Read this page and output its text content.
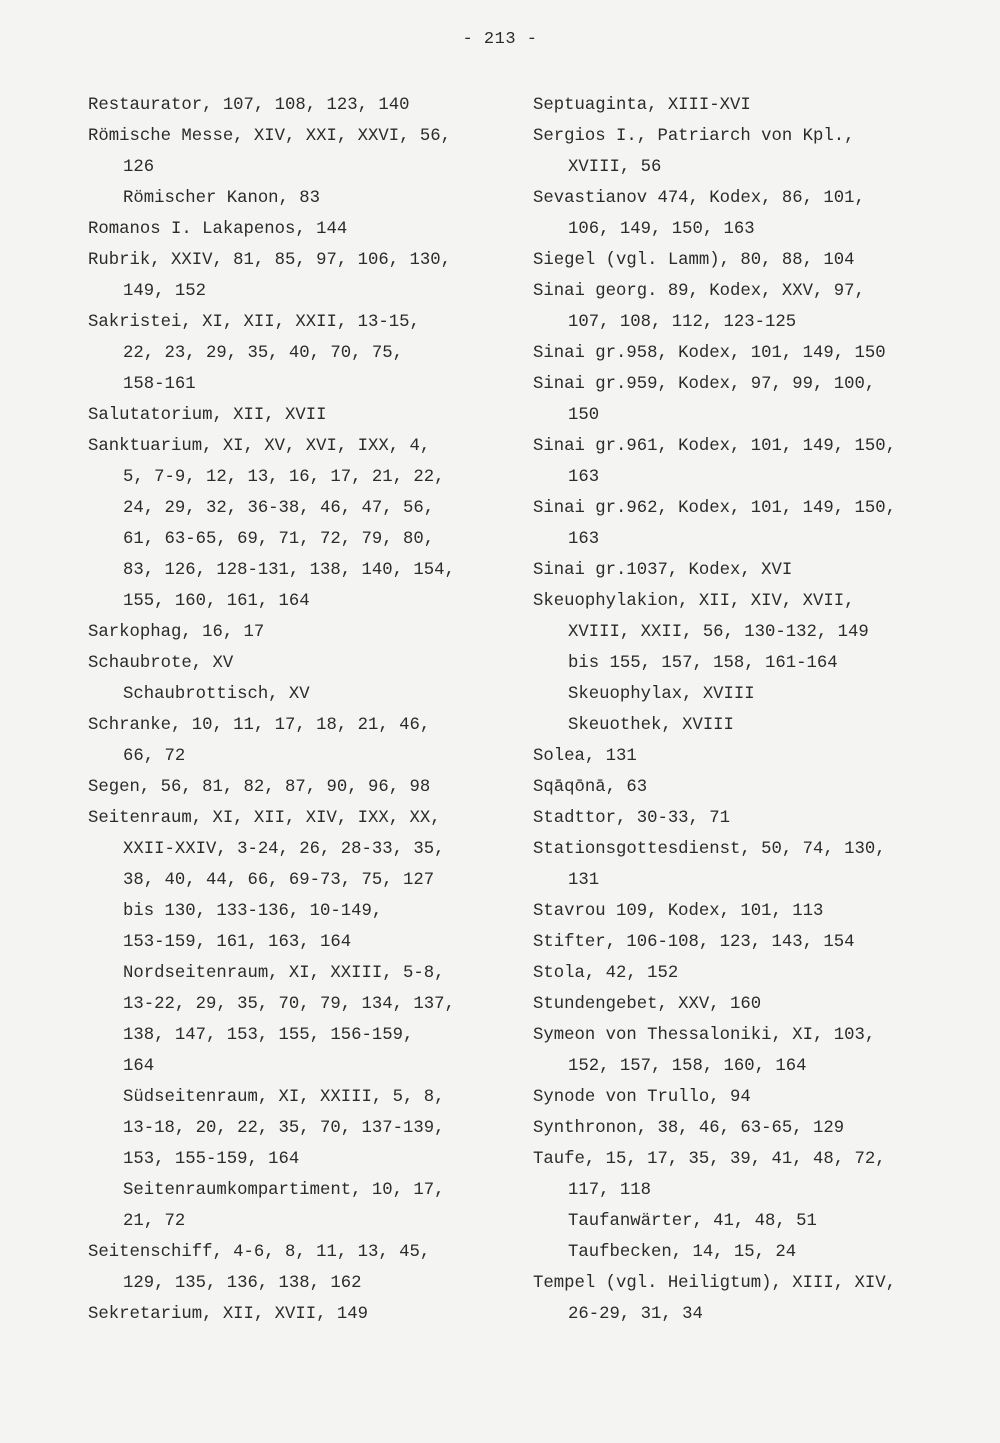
- 213 -
Restaurator, 107, 108, 123, 140
Römische Messe, XIV, XXI, XXVI, 56,
126
Römischer Kanon, 83
Romanos I. Lakapenos, 144
Rubrik, XXIV, 81, 85, 97, 106, 130,
149, 152
Sakristei, XI, XII, XXII, 13-15,
22, 23, 29, 35, 40, 70, 75,
158-161
Salutatorium, XII, XVII
Sanktuarium, XI, XV, XVI, IXX, 4,
5, 7-9, 12, 13, 16, 17, 21, 22,
24, 29, 32, 36-38, 46, 47, 56,
61, 63-65, 69, 71, 72, 79, 80,
83, 126, 128-131, 138, 140, 154,
155, 160, 161, 164
Sarkophag, 16, 17
Schaubrote, XV
Schaubrottisch, XV
Schranke, 10, 11, 17, 18, 21, 46,
66, 72
Segen, 56, 81, 82, 87, 90, 96, 98
Seitenraum, XI, XII, XIV, IXX, XX,
XXII-XXIV, 3-24, 26, 28-33, 35,
38, 40, 44, 66, 69-73, 75, 127
bis 130, 133-136, 10-149,
153-159, 161, 163, 164
Nordseitenraum, XI, XXIII, 5-8,
13-22, 29, 35, 70, 79, 134, 137,
138, 147, 153, 155, 156-159,
164
Südseitenraum, XI, XXIII, 5, 8,
13-18, 20, 22, 35, 70, 137-139,
153, 155-159, 164
Seitenraumkompartiment, 10, 17,
21, 72
Seitenschiff, 4-6, 8, 11, 13, 45,
129, 135, 136, 138, 162
Sekretarium, XII, XVII, 149
Septuaginta, XIII-XVI
Sergios I., Patriarch von Kpl.,
XVIII, 56
Sevastianov 474, Kodex, 86, 101,
106, 149, 150, 163
Siegel (vgl. Lamm), 80, 88, 104
Sinai georg. 89, Kodex, XXV, 97,
107, 108, 112, 123-125
Sinai gr.958, Kodex, 101, 149, 150
Sinai gr.959, Kodex, 97, 99, 100,
150
Sinai gr.961, Kodex, 101, 149, 150,
163
Sinai gr.962, Kodex, 101, 149, 150,
163
Sinai gr.1037, Kodex, XVI
Skeuophylakion, XII, XIV, XVII,
XVIII, XXII, 56, 130-132, 149
bis 155, 157, 158, 161-164
Skeuophylax, XVIII
Skeuothek, XVIII
Solea, 131
Sqāqōnā, 63
Stadttor, 30-33, 71
Stationsgottesdienst, 50, 74, 130,
131
Stavrou 109, Kodex, 101, 113
Stifter, 106-108, 123, 143, 154
Stola, 42, 152
Stundengebet, XXV, 160
Symeon von Thessaloniki, XI, 103,
152, 157, 158, 160, 164
Synode von Trullo, 94
Synthronon, 38, 46, 63-65, 129
Taufe, 15, 17, 35, 39, 41, 48, 72,
117, 118
Taufanwärter, 41, 48, 51
Taufbecken, 14, 15, 24
Tempel (vgl. Heiligtum), XIII, XIV,
26-29, 31, 34
